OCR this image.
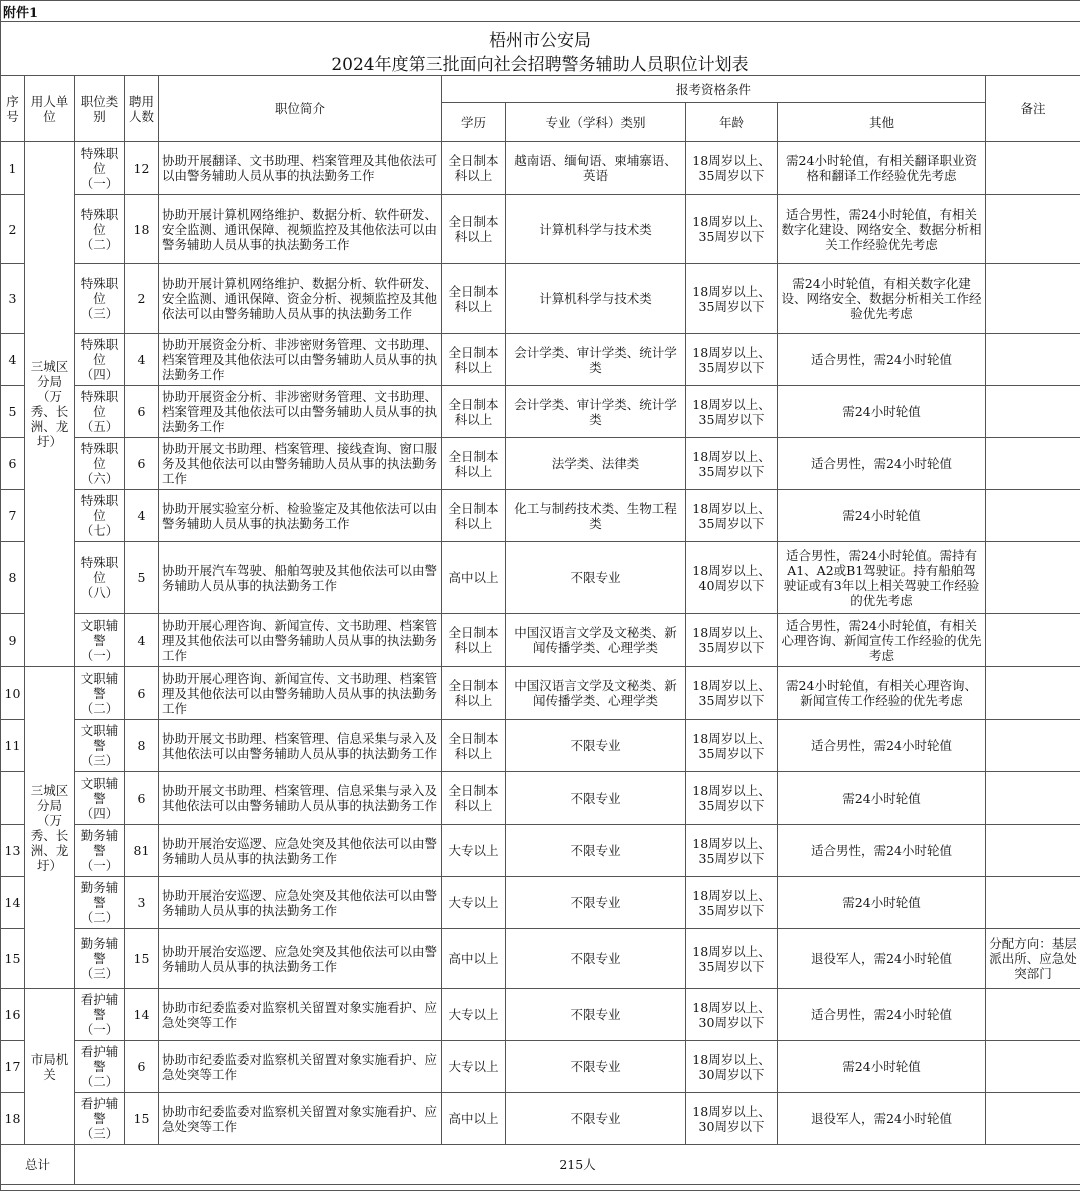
附件1
梧州市公安局
2024年度第三批面向社会招聘警务辅助人员职位计划表
序号	用人单位	职位类别	聘用人数	职位简介	报考资格条件				备注
					学历	专业（学科）类别	年龄	其他	
1	三城区分局（万秀、长洲、龙圩）	特殊职位（一）	12	协助开展翻译、文书助理、档案管理及其他依法可以由警务辅助人员从事的执法勤务工作	全日制本科以上	越南语、缅甸语、柬埔寨语、英语	18周岁以上、35周岁以下	需24小时轮值，有相关翻译职业资格和翻译工作经验优先考虑	
2		特殊职位（二）	18	协助开展计算机网络维护、数据分析、软件研发、安全监测、通讯保障、视频监控及其他依法可以由警务辅助人员从事的执法勤务工作	全日制本科以上	计算机科学与技术类	18周岁以上、35周岁以下	适合男性，需24小时轮值，有相关数字化建设、网络安全、数据分析相关工作经验优先考虑	
3		特殊职位（三）	2	协助开展计算机网络维护、数据分析、软件研发、安全监测、通讯保障、资金分析、视频监控及其他依法可以由警务辅助人员从事的执法勤务工作	全日制本科以上	计算机科学与技术类	18周岁以上、35周岁以下	需24小时轮值，有相关数字化建设、网络安全、数据分析相关工作经验优先考虑	
4		特殊职位（四）	4	协助开展资金分析、非涉密财务管理、文书助理、档案管理及其他依法可以由警务辅助人员从事的执法勤务工作	全日制本科以上	会计学类、审计学类、统计学类	18周岁以上、35周岁以下	适合男性，需24小时轮值	
5		特殊职位（五）	6	协助开展资金分析、非涉密财务管理、文书助理、档案管理及其他依法可以由警务辅助人员从事的执法勤务工作	全日制本科以上	会计学类、审计学类、统计学类	18周岁以上、35周岁以下	需24小时轮值	
6		特殊职位（六）	6	协助开展文书助理、档案管理、接线查询、窗口服务及其他依法可以由警务辅助人员从事的执法勤务工作	全日制本科以上	法学类、法律类	18周岁以上、35周岁以下	适合男性，需24小时轮值	
7		特殊职位（七）	4	协助开展实验室分析、检验鉴定及其他依法可以由警务辅助人员从事的执法勤务工作	全日制本科以上	化工与制药技术类、生物工程类	18周岁以上、35周岁以下	需24小时轮值	
8		特殊职位（八）	5	协助开展汽车驾驶、船舶驾驶及其他依法可以由警务辅助人员从事的执法勤务工作	高中以上	不限专业	18周岁以上、40周岁以下	适合男性，需24小时轮值。需持有A1、A2或B1驾驶证。持有船舶驾驶证或有3年以上相关驾驶工作经验的优先考虑	
9		文职辅警（一）	4	协助开展心理咨询、新闻宣传、文书助理、档案管理及其他依法可以由警务辅助人员从事的执法勤务工作	全日制本科以上	中国汉语言文学及文秘类、新闻传播学类、心理学类	18周岁以上、35周岁以下	适合男性，需24小时轮值，有相关心理咨询、新闻宣传工作经验的优先考虑	
10	三城区分局（万秀、长洲、龙圩）	文职辅警（二）	6	协助开展心理咨询、新闻宣传、文书助理、档案管理及其他依法可以由警务辅助人员从事的执法勤务工作	全日制本科以上	中国汉语言文学及文秘类、新闻传播学类、心理学类	18周岁以上、35周岁以下	需24小时轮值，有相关心理咨询、新闻宣传工作经验的优先考虑	
11		文职辅警（三）	8	协助开展文书助理、档案管理、信息采集与录入及其他依法可以由警务辅助人员从事的执法勤务工作	全日制本科以上	不限专业	18周岁以上、35周岁以下	适合男性，需24小时轮值	
		文职辅警（四）	6	协助开展文书助理、档案管理、信息采集与录入及其他依法可以由警务辅助人员从事的执法勤务工作	全日制本科以上	不限专业	18周岁以上、35周岁以下	需24小时轮值	
13		勤务辅警（一）	81	协助开展治安巡逻、应急处突及其他依法可以由警务辅助人员从事的执法勤务工作	大专以上	不限专业	18周岁以上、35周岁以下	适合男性，需24小时轮值	
14		勤务辅警（二）	3	协助开展治安巡逻、应急处突及其他依法可以由警务辅助人员从事的执法勤务工作	大专以上	不限专业	18周岁以上、35周岁以下	需24小时轮值	
15		勤务辅警（三）	15	协助开展治安巡逻、应急处突及其他依法可以由警务辅助人员从事的执法勤务工作	高中以上	不限专业	18周岁以上、35周岁以下	退役军人，需24小时轮值	分配方向：基层派出所、应急处突部门
16	市局机关	看护辅警（一）	14	协助市纪委监委对监察机关留置对象实施看护、应急处突等工作	大专以上	不限专业	18周岁以上、30周岁以下	适合男性，需24小时轮值	
17		看护辅警（二）	6	协助市纪委监委对监察机关留置对象实施看护、应急处突等工作	大专以上	不限专业	18周岁以上、30周岁以下	需24小时轮值	
18		看护辅警（三）	15	协助市纪委监委对监察机关留置对象实施看护、应急处突等工作	高中以上	不限专业	18周岁以上、30周岁以下	退役军人，需24小时轮值	
总计		215人							
